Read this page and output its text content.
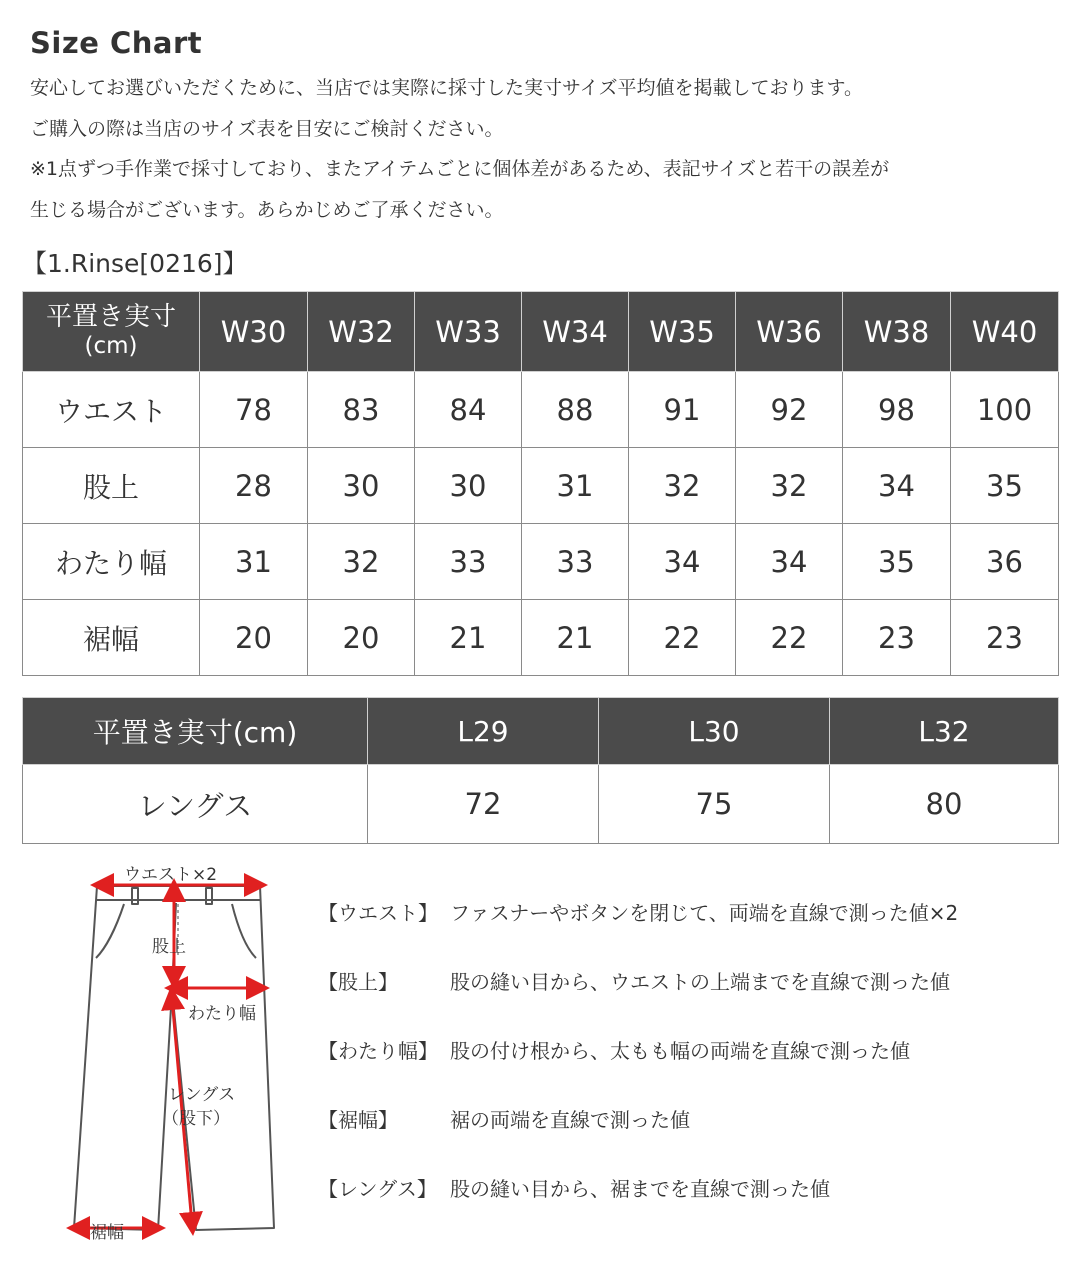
Size Chart
安心してお選びいただくために、当店では実際に採寸した実寸サイズ平均値を掲載しております。
ご購入の際は当店のサイズ表を目安にご検討ください。
※1点ずつ手作業で採寸しており、またアイテムごとに個体差があるため、表記サイズと若干の誤差が
生じる場合がございます。あらかじめご了承ください。
【1.Rinse[0216]】
平置き実寸
(cm)	W30	W32	W33	W34	W35	W36	W38	W40
ウエスト	78	83	84	88	91	92	98	100
股上	28	30	30	31	32	32	34	35
わたり幅	31	32	33	33	34	34	35	36
裾幅	20	20	21	21	22	22	23	23
平置き実寸(cm)	L29	L30	L32
レングス	72	75	80
ウエスト×2
股上
わたり幅
レングス
（股下）
裾幅
【ウエスト】 ファスナーやボタンを閉じて、両端を直線で測った値×2
【股上】	股の縫い目から、ウエストの上端までを直線で測った値
【わたり幅】 股の付け根から、太もも幅の両端を直線で測った値
【裾幅】	裾の両端を直線で測った値
【レングス】 股の縫い目から、裾までを直線で測った値
